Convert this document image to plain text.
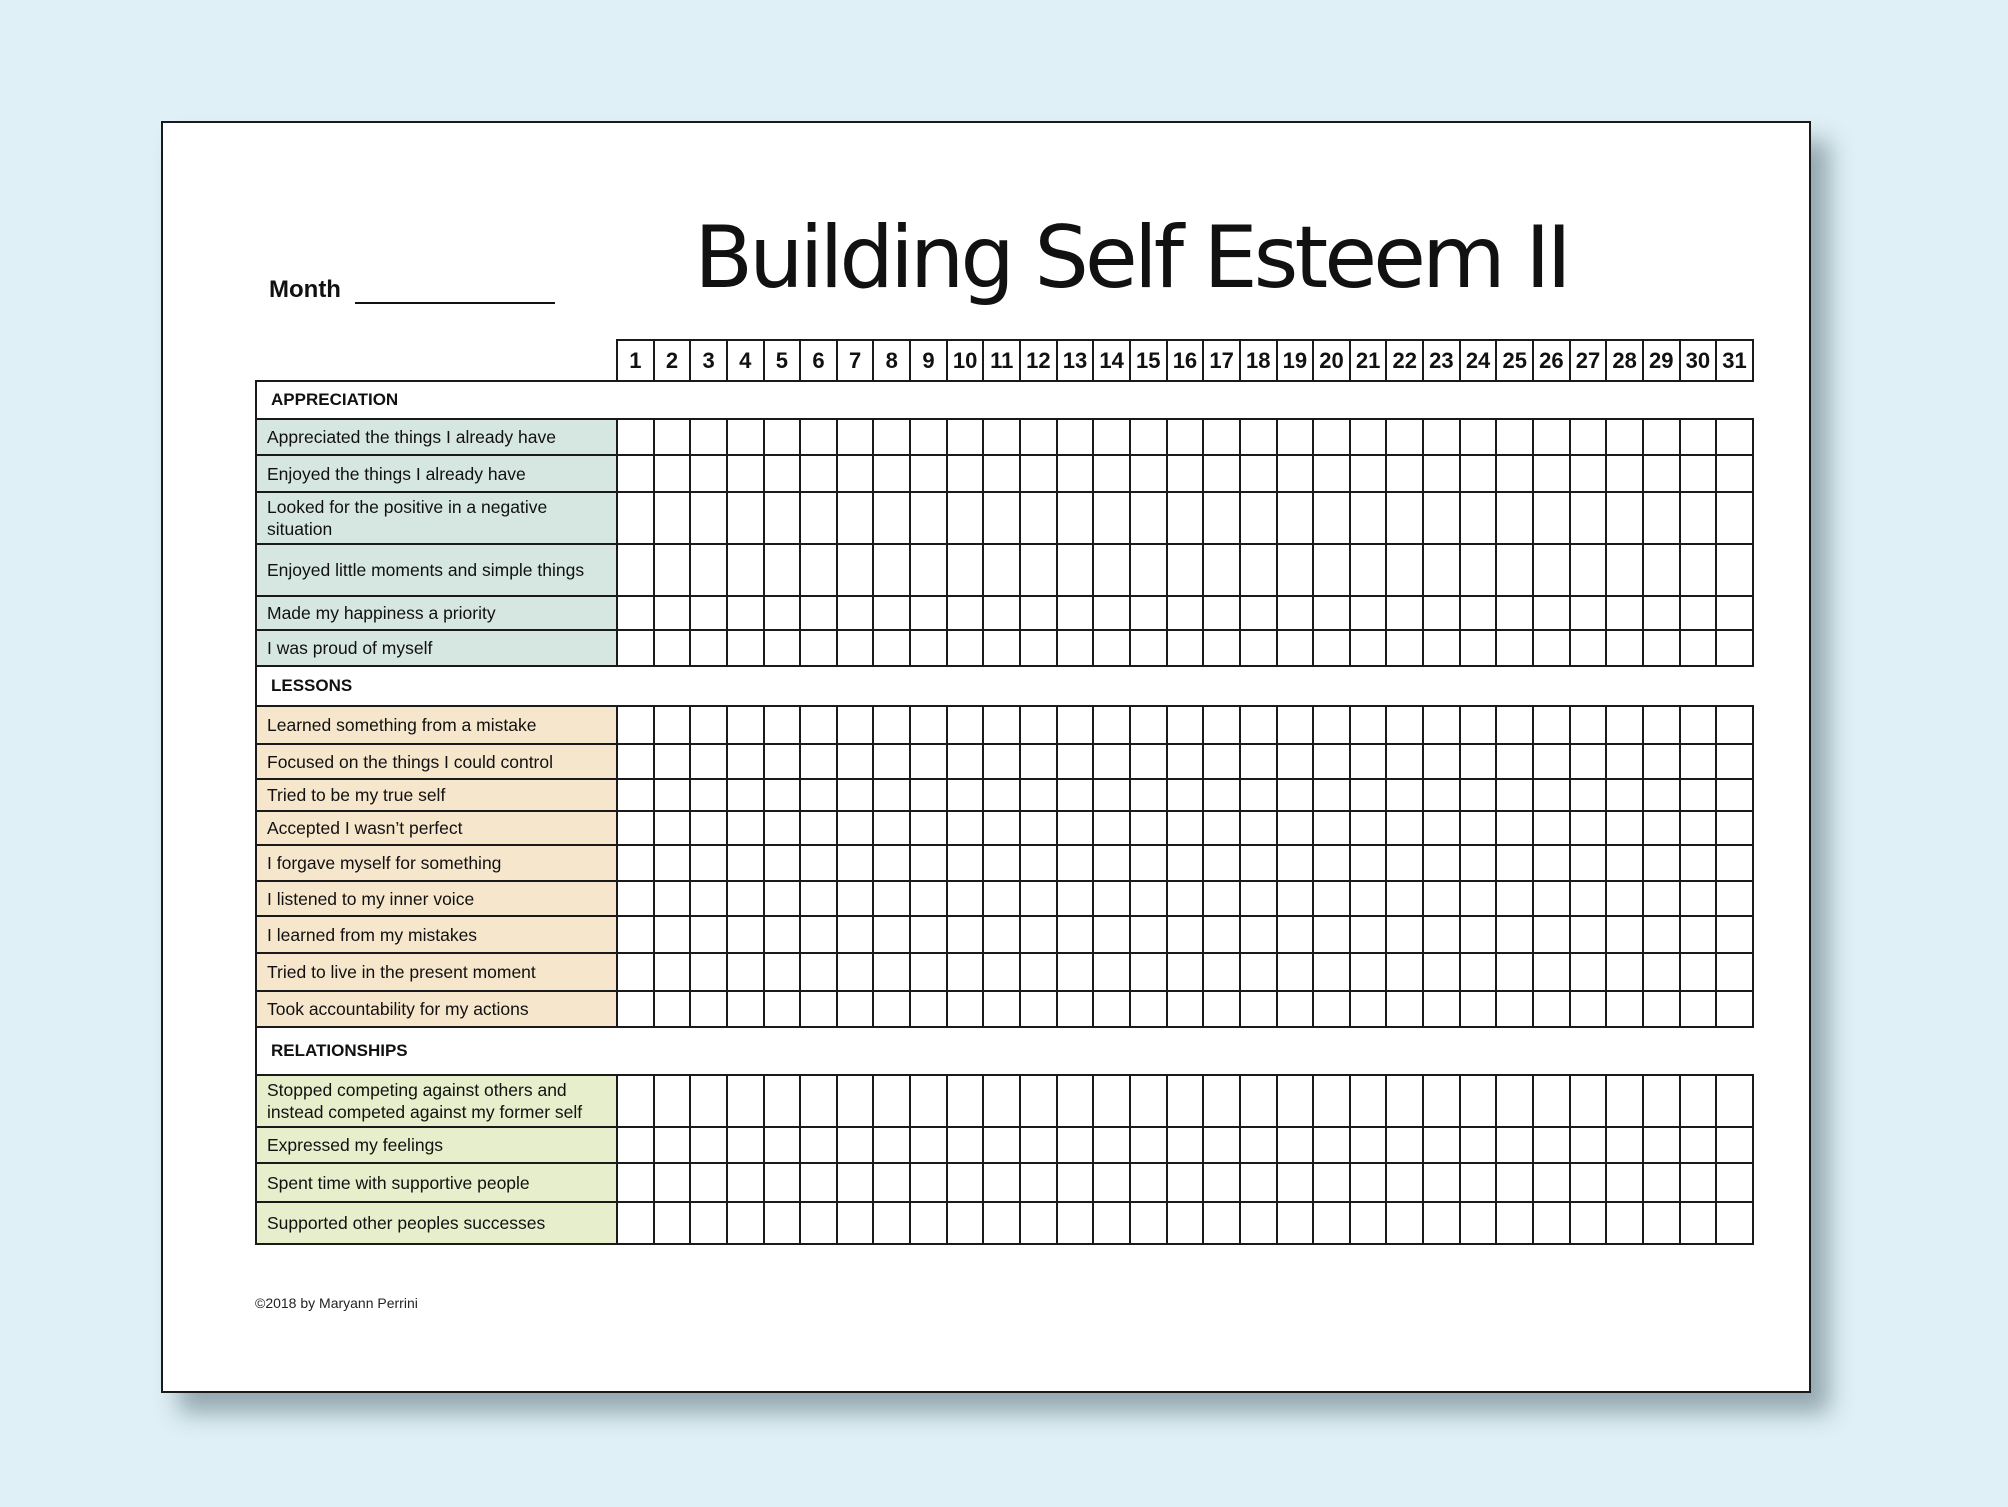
Building Self Esteem II
Month
	1	2	3	4	5	6	7	8	9	10	11	12	13	14	15	16	17	18	19	20	21	22	23	24	25	26	27	28	29	30	31
APPRECIATION																															
Appreciated the things I already have																															
Enjoyed the things I already have																															
Looked for the positive in a negative situation																															
Enjoyed little moments and simple things																															
Made my happiness a priority																															
I was proud of myself																															
LESSONS																															
Learned something from a mistake																															
Focused on the things I could control																															
Tried to be my true self																															
Accepted I wasn’t perfect																															
I forgave myself for something																															
I listened to my inner voice																															
I learned from my mistakes																															
Tried to live in the present moment																															
Took accountability for my actions																															
RELATIONSHIPS																															
Stopped competing against others and instead competed against my former self																															
Expressed my feelings																															
Spent time with supportive people																															
Supported other peoples successes																															
©2018 by Maryann Perrini
